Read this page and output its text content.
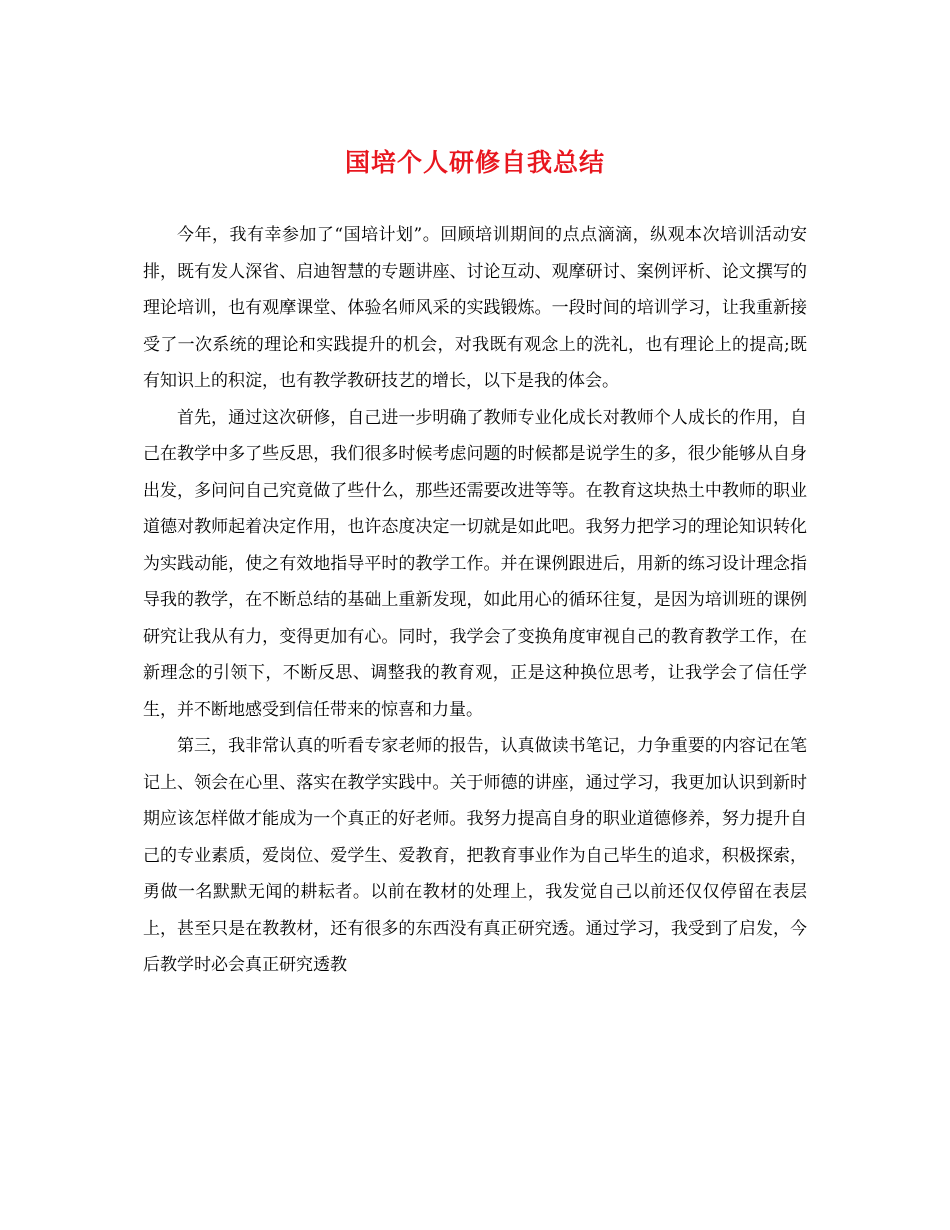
国培个人研修自我总结

今年，我有幸参加了“国培计划”。回顾培训期间的点点滴滴，纵观本次培训活动安排，既有发人深省、启迪智慧的专题讲座、讨论互动、观摩研讨、案例评析、论文撰写的理论培训，也有观摩课堂、体验名师风采的实践锻炼。一段时间的培训学习，让我重新接受了一次系统的理论和实践提升的机会，对我既有观念上的洗礼，也有理论上的提高;既有知识上的积淀，也有教学教研技艺的增长，以下是我的体会。

首先，通过这次研修，自己进一步明确了教师专业化成长对教师个人成长的作用，自己在教学中多了些反思，我们很多时候考虑问题的时候都是说学生的多，很少能够从自身出发，多问问自己究竟做了些什么，那些还需要改进等等。在教育这块热土中教师的职业道德对教师起着决定作用，也许态度决定一切就是如此吧。我努力把学习的理论知识转化为实践动能，使之有效地指导平时的教学工作。并在课例跟进后，用新的练习设计理念指导我的教学，在不断总结的基础上重新发现，如此用心的循环往复，是因为培训班的课例研究让我从有力，变得更加有心。同时，我学会了变换角度审视自己的教育教学工作，在新理念的引领下，不断反思、调整我的教育观，正是这种换位思考，让我学会了信任学生，并不断地感受到信任带来的惊喜和力量。

第三，我非常认真的听看专家老师的报告，认真做读书笔记，力争重要的内容记在笔记上、领会在心里、落实在教学实践中。关于师德的讲座，通过学习，我更加认识到新时期应该怎样做才能成为一个真正的好老师。我努力提高自身的职业道德修养，努力提升自己的专业素质，爱岗位、爱学生、爱教育，把教育事业作为自己毕生的追求，积极探索，勇做一名默默无闻的耕耘者。以前在教材的处理上，我发觉自己以前还仅仅停留在表层上，甚至只是在教教材，还有很多的东西没有真正研究透。通过学习，我受到了启发，今后教学时必会真正研究透教
